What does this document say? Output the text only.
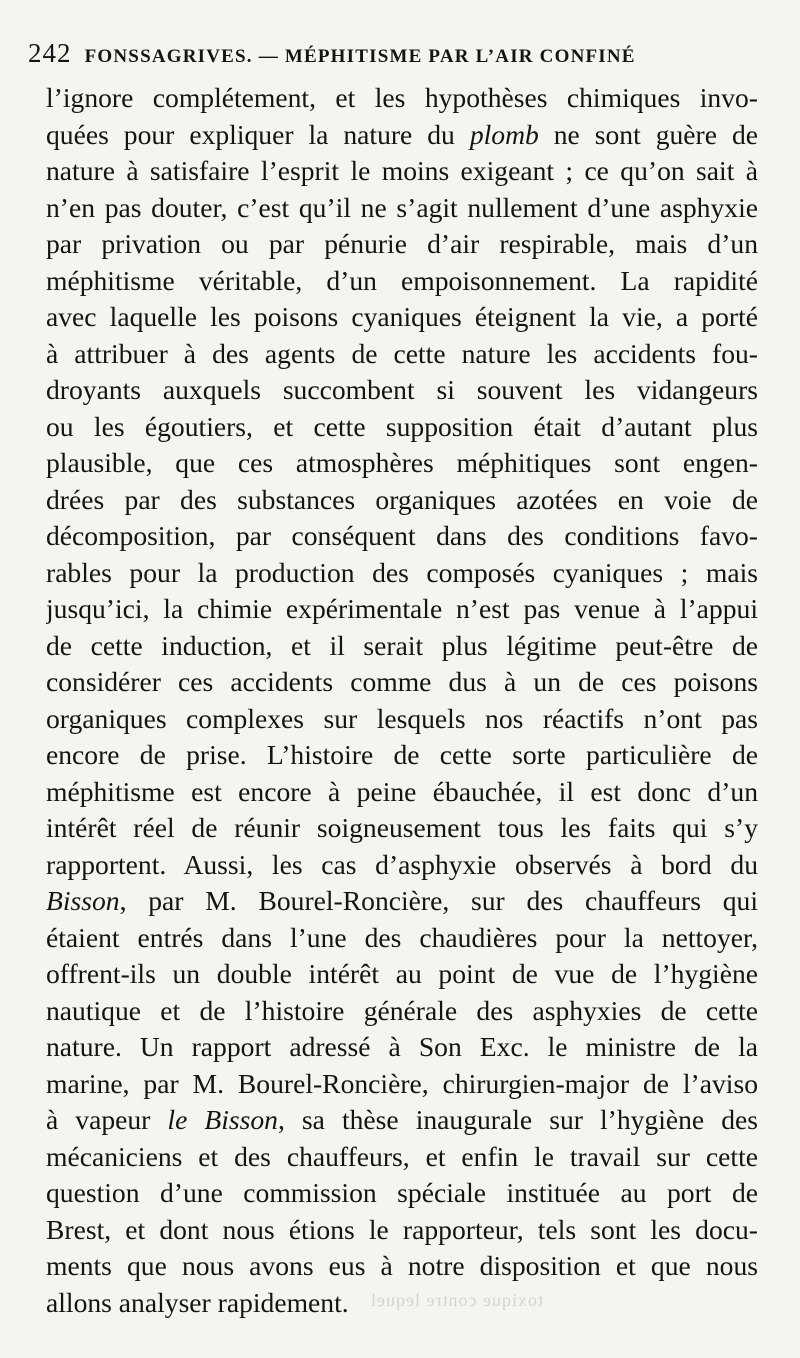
242 FONSSAGRIVES. — MÉPHITISME PAR L’AIR CONFINÉ
l’ignore complétement, et les hypothèses chimiques invo-
quées pour expliquer la nature du plomb ne sont guère de
nature à satisfaire l’esprit le moins exigeant ; ce qu’on sait à
n’en pas douter, c’est qu’il ne s’agit nullement d’une asphyxie
par privation ou par pénurie d’air respirable, mais d’un
méphitisme véritable, d’un empoisonnement. La rapidité
avec laquelle les poisons cyaniques éteignent la vie, a porté
à attribuer à des agents de cette nature les accidents fou-
droyants auxquels succombent si souvent les vidangeurs
ou les égoutiers, et cette supposition était d’autant plus
plausible, que ces atmosphères méphitiques sont engen-
drées par des substances organiques azotées en voie de
décomposition, par conséquent dans des conditions favo-
rables pour la production des composés cyaniques ; mais
jusqu’ici, la chimie expérimentale n’est pas venue à l’appui
de cette induction, et il serait plus légitime peut-être de
considérer ces accidents comme dus à un de ces poisons
organiques complexes sur lesquels nos réactifs n’ont pas
encore de prise. L’histoire de cette sorte particulière de
méphitisme est encore à peine ébauchée, il est donc d’un
intérêt réel de réunir soigneusement tous les faits qui s’y
rapportent. Aussi, les cas d’asphyxie observés à bord du
Bisson, par M. Bourel-Roncière, sur des chauffeurs qui
étaient entrés dans l’une des chaudières pour la nettoyer,
offrent-ils un double intérêt au point de vue de l’hygiène
nautique et de l’histoire générale des asphyxies de cette
nature. Un rapport adressé à Son Exc. le ministre de la
marine, par M. Bourel-Roncière, chirurgien-major de l’aviso
à vapeur le Bisson, sa thèse inaugurale sur l’hygiène des
mécaniciens et des chauffeurs, et enfin le travail sur cette
question d’une commission spéciale instituée au port de
Brest, et dont nous étions le rapporteur, tels sont les docu-
ments que nous avons eus à notre disposition et que nous
allons analyser rapidement.	toxique contre lequel
